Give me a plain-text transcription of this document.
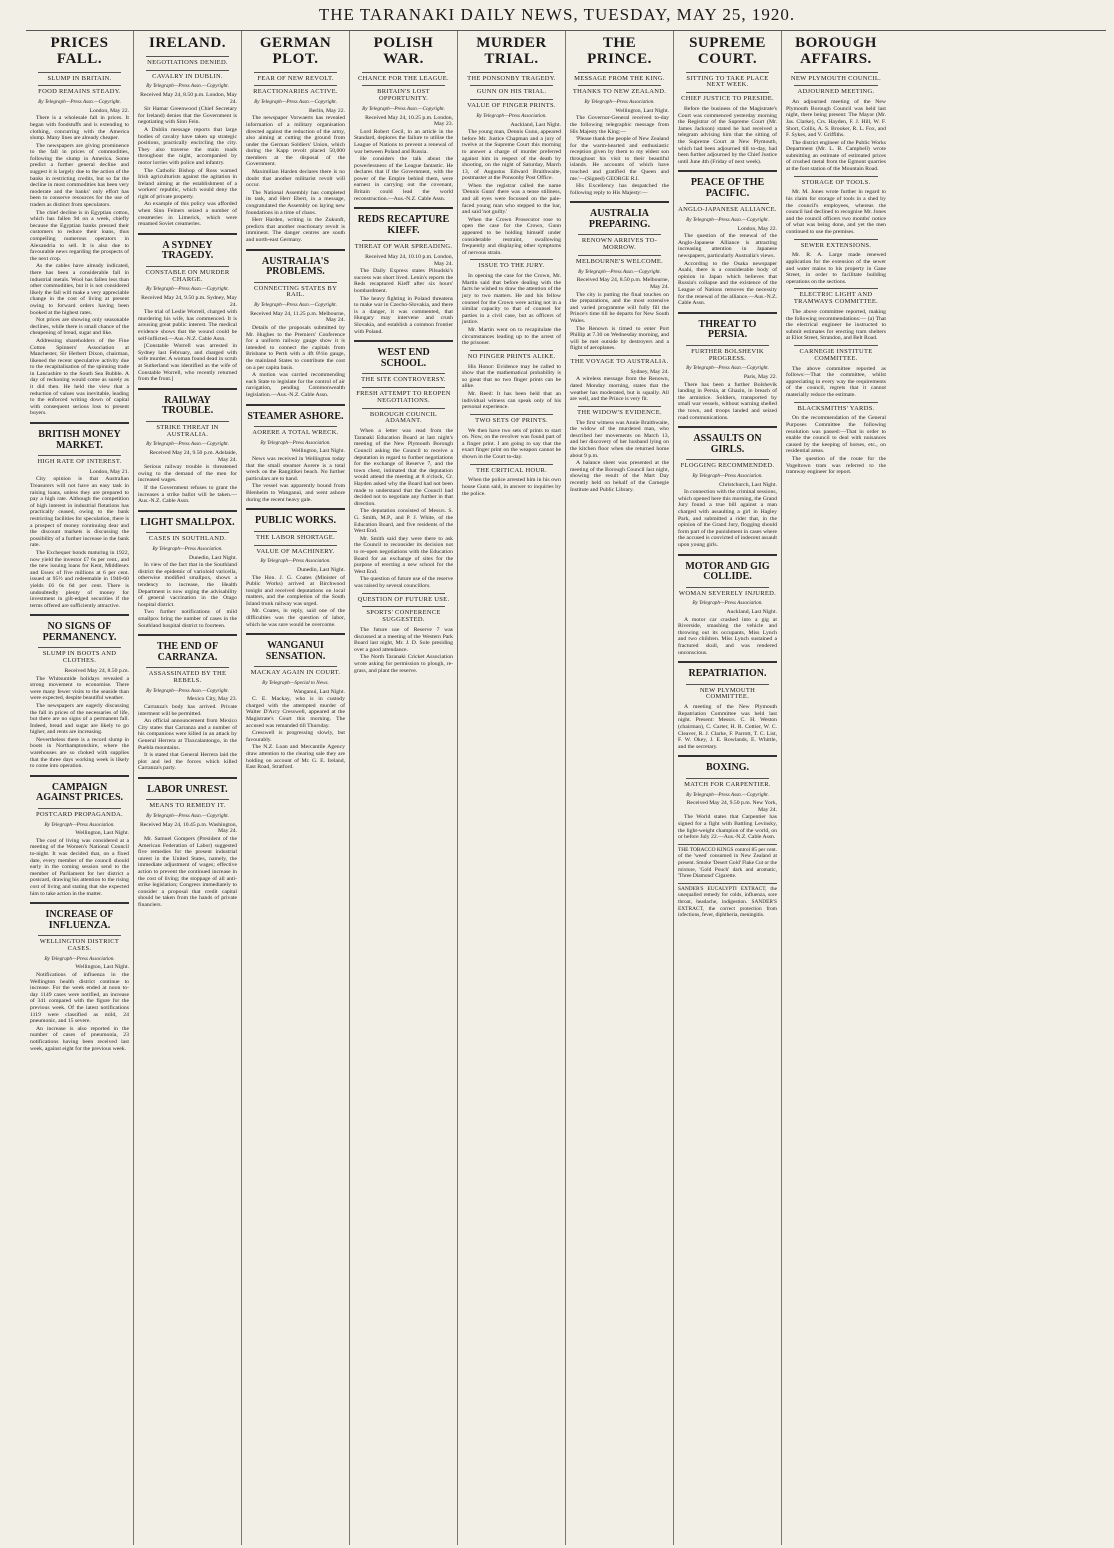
THE TARANAKI DAILY NEWS, TUESDAY, MAY 25, 1920.
PRICES FALL.
SLUMP IN BRITAIN.
FOOD REMAINS STEADY.
By Telegraph—Press Assn.—Copyright.
London, May 22.

There is a wholesale fall in prices. It began with foodstuffs and is extending to clothing, concurring with the America slump. Many lines are already cheaper.

The newspapers are giving prominence to the fall in prices of commodities, following the slump in America. Some predict a further general decline and suggest it is largely due to the action of the banks in restricting credits, but so far the decline in most commodities has been very moderate and the banks' only effort has been to conserve resources for the use of traders as distinct from speculators.

The chief decline is in Egyptian cotton, which has fallen 9d on a week, chiefly because the Egyptian banks pressed their customers to reduce their loans, thus compelling numerous operators in Alexandria to sell. It is also due to favourable news regarding the prospects of the next crop.

As the cables have already indicated, there has been a considerable fall in industrial metals. Wool has fallen less than other commodities, but it is not considered likely the fall will make a very appreciable change in the cost of living at present owing to forward orders having been booked at the highest rates.

Not prices are showing only seasonable declines, while there is small chance of the cheapening of bread, sugar and like.

Addressing shareholders of the Fine Cotton Spinners' Association at Manchester, Sir Herbert Dixon, chairman, likened the recent speculative activity due to the recapitalisation of the spinning trade in Lancashire to the South Sea Bubble. A day of reckoning would come as surely as it did then. He held the view that a reduction of values was inevitable, leading to the enforced writing down of capital with consequent serious loss to present buyers.

BRITISH MONEY MARKET.
HIGH RATE OF INTEREST.
London, May 21.

City opinion is that Australian Treasurers will not have an easy task in raising loans, unless they are prepared to pay a high rate. Although the competition of high interest in industrial flotations has practically ceased, owing to the bank restricting facilities for speculation, there is a prospect of money continuing dear and the discount markets is discussing the possibility of a further increase in the bank rate.

The Exchequer bonds maturing in 1922, now yield the investor £7 6s per cent., and the new issuing loans for Kent, Middlesex and Essex of five millions at 6 per cent. issued at 95½ and redeemable in 1940-60 yields £6 6s 6d per cent. There is undoubtedly plenty of money for investment in gilt-edged securities if the terms offered are sufficiently attractive.

NO SIGNS OF PERMANENCY.
SLUMP IN BOOTS AND CLOTHES.
Received May 24, 8.50 p.m.

The Whitsuntide holidays revealed a strong movement to economise. There were many fewer visits to the seaside than were expected, despite beautiful weather.

The newspapers are eagerly discussing the fall in prices of the necessaries of life, but there are no signs of a permanent fall. Indeed, bread and sugar are likely to go higher, and rents are increasing.

Nevertheless there is a record slump in boots in Northamptonshire, where the warehouses are so choked with supplies that the three days working week is likely to come into operation.

CAMPAIGN AGAINST PRICES.
POSTCARD PROPAGANDA.
By Telegraph—Press Association.
Wellington, Last Night.

The cost of living was considered at a meeting of the Women's National Council to-night. It was decided that, on a fixed date, every member of the council should early in the coming session send to the member of Parliament for her district a postcard, drawing his attention to the rising cost of living and stating that she expected him to take action in the matter.

INCREASE OF INFLUENZA.
WELLINGTON DISTRICT CASES.
By Telegraph—Press Association.
Wellington, Last Night.

Notifications of influenza in the Wellington health district continue to increase. For the week ended at noon to-day 1149 cases were notified, an increase of 341 compared with the figure for the previous week. Of the latest notifications 1119 were classified as mild, 24 pneumonic, and 15 severe.

An increase is also reported in the number of cases of pneumonia, 23 notifications having been received last week, against eight for the previous week.

IRELAND.
NEGOTIATIONS DENIED.
CAVALRY IN DUBLIN.
By Telegraph—Press Assn.—Copyright.
Received May 24, 8.50 p.m. London, May 24.

Sir Hamar Greenwood (Chief Secretary for Ireland) denies that the Government is negotiating with Sinn Fein.

A Dublin message reports that large bodies of cavalry have taken up strategic positions, practically encircling the city. They also traverse the main roads throughout the night, accompanied by motor lorries with police and infantry.

The Catholic Bishop of Ross warned Irish agriculturists against the agitation in Ireland aiming at the establishment of a workers' republic, which would deny the right of private property.

An example of this policy was afforded when Sinn Feiners seized a number of creameries in Limerick, which were renamed Soviet creameries.

A SYDNEY TRAGEDY.
CONSTABLE ON MURDER CHARGE.
By Telegraph—Press Assn.—Copyright.
Received May 24, 9.50 p.m. Sydney, May 24.

The trial of Leslie Worrell, charged with murdering his wife, has commenced. It is arousing great public interest. The medical evidence shows that the wound could be self-inflicted.—Aus.-N.Z. Cable Assn.

[Constable Worrell was arrested in Sydney last February, and charged with wife murder. A woman found dead in scrub at Sutherland was identified as the wife of Constable Worrell, who recently returned from the front.]

RAILWAY TROUBLE.
STRIKE THREAT IN AUSTRALIA.
By Telegraph—Press Assn.—Copyright.
Received May 24, 9.50 p.m. Adelaide, May 24.

Serious railway trouble is threatened owing to the demand of the men for increased wages.

If the Government refuses to grant the increases a strike ballot will be taken.—Aus.-N.Z. Cable Assn.

LIGHT SMALLPOX.
CASES IN SOUTHLAND.
By Telegraph—Press Association.
Dunedin, Last Night.

In view of the fact that in the Southland district the epidemic of varioloid varicella, otherwise modified smallpox, shows a tendency to increase, the Health Department is now urging the advisability of general vaccination in the Otago hospital district.

Two further notifications of mild smallpox bring the number of cases in the Southland hospital district to fourteen.

THE END OF CARRANZA.
ASSASSINATED BY THE REBELS.
By Telegraph—Press Assn.—Copyright.
Mexico City, May 23.

Carranza's body has arrived. Private interment will be permitted.

An official announcement from Mexico City states that Carranza and a number of his companions were killed in an attack by General Herrera at Tlaxcalantongo, in the Puebla mountains.

It is stated that General Herrera laid the plot and led the forces which killed Carranza's party.

LABOR UNREST.
MEANS TO REMEDY IT.
By Telegraph—Press Assn.—Copyright.
Received May 24, 10.45 p.m. Washington, May 24.

Mr. Samuel Gompers (President of the American Federation of Labor) suggested five remedies for the present industrial unrest in the United States, namely, the immediate adjustment of wages; effective action to prevent the continued increase in the cost of living; the stoppage of all anti-strike legislation; Congress immediately to consider a proposal that credit capital should be taken from the hands of private financiers.

GERMAN PLOT.
FEAR OF NEW REVOLT.
REACTIONARIES ACTIVE.
By Telegraph—Press Assn.—Copyright.
Berlin, May 22.

The newspaper Vorwaerts has revealed information of a military organisation directed against the reduction of the army, also aiming at cutting the ground from under the German Soldiers' Union, which during the Kapp revolt placed 50,000 members at the disposal of the Government.

Maximilian Harden declares there is no doubt that another militarist revolt will occur.

The National Assembly has completed its task, and Herr Ebert, in a message, congratulated the Assembly on laying new foundations in a time of chaos.

Herr Harden, writing in the Zukunft, predicts that another reactionary revolt is imminent. The danger centres are south and north-east Germany.

AUSTRALIA'S PROBLEMS.
CONNECTING STATES BY RAIL.
By Telegraph—Press Assn.—Copyright.
Received May 24, 11.25 p.m. Melbourne, May 24.

Details of the proposals submitted by Mr. Hughes to the Premiers' Conference for a uniform railway gauge show it is intended to connect the capitals from Brisbane to Perth with a 4ft 8½in gauge, the mainland States to contribute the cost on a per capita basis.

A motion was carried recommending each State to legislate for the control of air navigation, pending Commonwealth legislation.—Aus.-N.Z. Cable Assn.

STEAMER ASHORE.
AORERE A TOTAL WRECK.
By Telegraph—Press Association.
Wellington, Last Night.

News was received in Wellington today that the small steamer Aorere is a total wreck on the Rangitikei beach. No further particulars are to hand.

The vessel was apparently bound from Blenheim to Wanganui, and went ashore during the recent heavy gale.

PUBLIC WORKS.
THE LABOR SHORTAGE.
VALUE OF MACHINERY.
By Telegraph—Press Association.
Dunedin, Last Night.

The Hon. J. G. Coates (Minister of Public Works) arrived at Birchwood tonight and received deputations on local matters, and the completion of the South Island trunk railway was urged.

Mr. Coates, in reply, said one of the difficulties was the question of labor, which he was sure would be overcome.

WANGANUI SENSATION.
MACKAY AGAIN IN COURT.
By Telegraph—Special to News.
Wanganui, Last Night.

C. E. Mackay, who is in custody charged with the attempted murder of Walter D'Arcy Cresswell, appeared at the Magistrate's Court this morning. The accused was remanded till Thursday.

Cresswell is progressing slowly, but favourably.

The N.Z. Loan and Mercantile Agency draw attention to the clearing sale they are holding on account of Mr. G. E. Ireland, East Road, Stratford.

POLISH WAR.
CHANCE FOR THE LEAGUE.
BRITAIN'S LOST OPPORTUNITY.
By Telegraph—Press Assn.—Copyright.
Received May 24, 10.25 p.m. London, May 23.

Lord Robert Cecil, in an article in the Standard, deplores the failure to utilise the League of Nations to prevent a renewal of war between Poland and Russia.

He considers the talk about the powerlessness of the League fantastic. He declares that if the Government, with the power of the Empire behind them, were earnest in carrying out the covenant, Britain could lead the world reconstruction.—Aus.-N.Z. Cable Assn.

REDS RECAPTURE KIEFF.
THREAT OF WAR SPREADING.
Received May 24, 10.10 p.m. London, May 24.

The Daily Express states Pilsudski's success was short lived. Lenin's reports the Reds recaptured Kieff after six hours' bombardment.

The heavy fighting in Poland threatens to make war in Czecho-Slovakia, and there is a danger, it was commented, that Hungary may intervene and crush Slovakia, and establish a common frontier with Poland.

WEST END SCHOOL.
THE SITE CONTROVERSY.
FRESH ATTEMPT TO REOPEN NEGOTIATIONS.
BOROUGH COUNCIL ADAMANT.

When a letter was read from the Taranaki Education Board at last night's meeting of the New Plymouth Borough Council asking the Council to receive a deputation in regard to further negotiations for the exchange of Reserve 7, and the town chest, intimated that the deputation would attend the meeting at 8 o'clock, Cr. Hayden asked why the Board had not been made to understand that the Council had decided not to negotiate any further in that direction.

The deputation consisted of Messrs. S. G. Smith, M.P., and P. J. White, of the Education Board, and five residents of the West End.

Mr. Smith said they were there to ask the Council to reconsider its decision not to re-open negotiations with the Education Board for an exchange of sites for the purpose of erecting a new school for the West End.

The question of future use of the reserve was raised by several councillors.

QUESTION OF FUTURE USE.
SPORTS' CONFERENCE SUGGESTED.

The future use of Reserve 7 was discussed at a meeting of the Western Park Board last night, Mr. J. D. Sole presiding over a good attendance.

The North Taranaki Cricket Association wrote asking for permission to plough, re-grass, and plant the reserve.

MURDER TRIAL.
THE PONSONBY TRAGEDY.
GUNN ON HIS TRIAL.
VALUE OF FINGER PRINTS.
By Telegraph—Press Association.
Auckland, Last Night.

The young man, Dennis Gunn, appeared before Mr. Justice Chapman and a jury of twelve at the Supreme Court this morning to answer a charge of murder preferred against him in respect of the death by shooting, on the night of Saturday, March 13, of Augustus Edward Braithwaite, postmaster at the Ponsonby Post Office.

When the registrar called the name 'Dennis Gunn' there was a tense stillness, and all eyes were focussed on the pale-faced young man who stepped to the bar, and said 'not guilty.'

When the Crown Prosecutor rose to open the case for the Crown, Gunn appeared to be holding himself under considerable restraint, swallowing frequently and displaying other symptoms of nervous strain.

ISSUE TO THE JURY.

In opening the case for the Crown, Mr. Martin said that before dealing with the facts he wished to draw the attention of the jury to two matters. He and his fellow counsel for the Crown were acting not in a similar capacity to that of counsel for parties in a civil case, but as officers of justice.

Mr. Martin went on to recapitulate the circumstances leading up to the arrest of the prisoner.

NO FINGER PRINTS ALIKE.

His Honor: Evidence may be called to show that the mathematical probability is so great that no two finger prints can be alike.

Mr. Reed: It has been held that an individual witness can speak only of his personal experience.

TWO SETS OF PRINTS.

We then have two sets of prints to start on. Now, on the revolver was found part of a finger print. I am going to say that the exact finger print on the weapon cannot be shown in the Court to-day.

THE CRITICAL HOUR.

When the police arrested him in his own house Gunn said, in answer to inquiries by the police.

THE PRINCE.
MESSAGE FROM THE KING.
THANKS TO NEW ZEALAND.
By Telegraph—Press Association.
Wellington, Last Night.

The Governor-General received to-day the following telegraphic message from His Majesty the King:—

'Please thank the people of New Zealand for the warm-hearted and enthusiastic reception given by them to my eldest son throughout his visit to their beautiful islands. He accounts of which have touched and gratified the Queen and me.'—(Signed) GEORGE R.I.

His Excellency has despatched the following reply to His Majesty:—

AUSTRALIA PREPARING.
RENOWN ARRIVES TO-MORROW.
MELBOURNE'S WELCOME.
By Telegraph—Press Assn.—Copyright.
Received May 24, 8.50 p.m. Melbourne, May 24.

The city is putting the final touches on the preparations, and the most extensive and varied programme will fully fill the Prince's time till he departs for New South Wales.

The Renown is timed to enter Port Phillip at 7.30 on Wednesday morning, and will be met outside by destroyers and a flight of aeroplanes.

THE VOYAGE TO AUSTRALIA.
Sydney, May 24.

A wireless message from the Renown, dated Monday morning, states that the weather has moderated, but is squally. All are well, and the Prince is very fit.

THE WIDOW'S EVIDENCE.

The first witness was Annie Braithwaite, the widow of the murdered man, who described her movements on March 13, and her discovery of her husband lying on the kitchen floor when she returned home about 9 p.m.

A balance sheet was presented at the meeting of the Borough Council last night, showing the result of the Mart Day recently held on behalf of the Carnegie Institute and Public Library.

SUPREME COURT.
SITTING TO TAKE PLACE NEXT WEEK.
CHIEF JUSTICE TO PRESIDE.

Before the business of the Magistrate's Court was commenced yesterday morning the Registrar of the Supreme Court (Mr. James Jackson) stated he had received a telegram advising him that the sitting of the Supreme Court at New Plymouth, which had been adjourned till to-day, had been further adjourned by the Chief Justice until June 4th (Friday of next week).

PEACE OF THE PACIFIC.
ANGLO-JAPANESE ALLIANCE.
By Telegraph—Press Assn.—Copyright.
London, May 22.

The question of the renewal of the Anglo-Japanese Alliance is attracting increasing attention in Japanese newspapers, particularly Australia's views.

According to the Osaka newspaper Asahi, there is a considerable body of opinion in Japan which believes that Russia's collapse and the existence of the League of Nations removes the necessity for the renewal of the alliance.—Aus.-N.Z. Cable Assn.

THREAT TO PERSIA.
FURTHER BOLSHEVIK PROGRESS.
By Telegraph—Press Assn.—Copyright.
Paris, May 22.

There has been a further Bolshevik landing in Persia, at Ghazin, in breach of the armistice. Soldiers, transported by small war vessels, without warning shelled the town, and troops landed and seized road communications.

ASSAULTS ON GIRLS.
FLOGGING RECOMMENDED.
By Telegraph—Press Association.
Christchurch, Last Night.

In connection with the criminal sessions, which opened here this morning, the Grand Jury found a true bill against a man charged with assaulting a girl in Hagley Park, and submitted a rider that, in the opinion of the Grand Jury, flogging should form part of the punishment in cases where the accused is convicted of indecent assault upon young girls.

MOTOR AND GIG COLLIDE.
WOMAN SEVERELY INJURED.
By Telegraph—Press Association.
Auckland, Last Night.

A motor car crashed into a gig at Riverside, smashing the vehicle and throwing out its occupants, Miss Lynch and two children. Miss Lynch sustained a fractured skull, and was rendered unconscious.

REPATRIATION.
NEW PLYMOUTH COMMITTEE.

A meeting of the New Plymouth Repatriation Committee was held last night. Present: Messrs. C. H. Weston (chairman), C. Carter, H. R. Cottier, W. C. Cleaver, R. J. Clarke, F. Parrott, T. C. List, F. W. Okey, J. E. Rowlands, E. Whittle, and the secretary.

BOXING.
MATCH FOR CARPENTIER.
By Telegraph—Press Assn.—Copyright.
Received May 24, 9.50 p.m. New York, May 24.

The World states that Carpentier has signed for a fight with Battling Levinsky, the light-weight champion of the world, on or before July 22.—Aus.-N.Z. Cable Assn.

THE TOBACCO KINGS control 85 per cent. of the 'weed' consumed in New Zealand at present. Smoke 'Desert Gold' Flake Cut or the mixture, 'Gold Pouch' dark and aromatic, 'Three Diamond' Cigarette.
SANDER'S EUCALYPTI EXTRACT, the unequalled remedy for colds, influenza, sore throat, headache, indigestion. SANDER'S EXTRACT, the correct protection from infections, fever, diphtheria, meningitis.
BOROUGH AFFAIRS.
NEW PLYMOUTH COUNCIL.
ADJOURNED MEETING.

An adjourned meeting of the New Plymouth Borough Council was held last night, there being present: The Mayor (Mr. Jas. Clarke), Crs. Hayden, F. J. Hill, W. F. Short, Collis, A. S. Brooker, R. L. Fox, and F. Sykes, and V. Griffiths.

The district engineer of the Public Works Department (Mr. L. B. Campbell) wrote submitting an estimate of estimated prices of crushed metal from the Egmont quarries at the foot station of the Mountain Road.

STORAGE OF TOOLS.

Mr. M. Jones wrote further in regard to his claim for storage of tools in a shed by the council's employees, whereas the council had declined to recognise Mr. Jones and the council officers two months' notice of what was being done, and yet the men continued to use the premises.

SEWER EXTENSIONS.

Mr. R. A. Large made renewed application for the extension of the sewer and water mains to his property in Gane Street, in order to facilitate building operations on the sections.

ELECTRIC LIGHT AND TRAMWAYS COMMITTEE.

The above committee reported, making the following recommendations:— (a) That the electrical engineer be instructed to submit estimates for erecting tram shelters at Eliot Street, Strandon, and Belt Road.

CARNEGIE INSTITUTE COMMITTEE.

The above committee reported as follows:—That the committee, whilst appreciating in every way the requirements of the council, regrets that it cannot materially reduce the estimate.

BLACKSMITHS' YARDS.

On the recommendation of the General Purposes Committee the following resolution was passed:—That in order to enable the council to deal with nuisances caused by the keeping of horses, etc., on residential areas.

The question of the route for the Vogeltown tram was referred to the tramway engineer for report.
